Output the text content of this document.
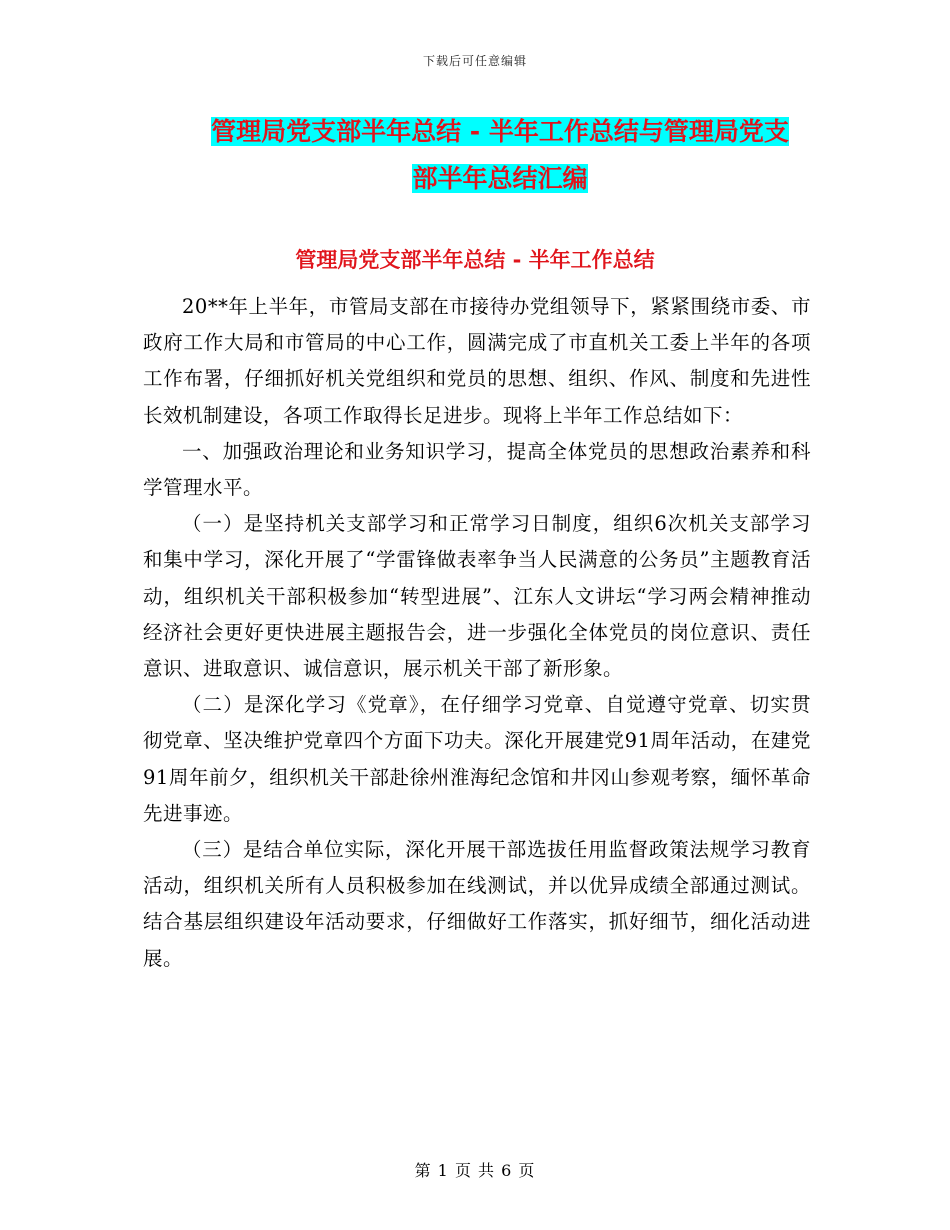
下载后可任意编辑
管理局党支部半年总结 - 半年工作总结与管理局党支
部半年总结汇编
管理局党支部半年总结 - 半年工作总结

20**年上半年，市管局支部在市接待办党组领导下，紧紧围绕市委、市政府工作大局和市管局的中心工作，圆满完成了市直机关工委上半年的各项工作布署，仔细抓好机关党组织和党员的思想、组织、作风、制度和先进性长效机制建设，各项工作取得长足进步。现将上半年工作总结如下：

一、加强政治理论和业务知识学习，提高全体党员的思想政治素养和科学管理水平。

（一）是坚持机关支部学习和正常学习日制度，组织6次机关支部学习和集中学习，深化开展了“学雷锋做表率争当人民满意的公务员”主题教育活动，组织机关干部积极参加“转型进展”、江东人文讲坛“学习两会精神推动经济社会更好更快进展主题报告会，进一步强化全体党员的岗位意识、责任意识、进取意识、诚信意识，展示机关干部了新形象。

（二）是深化学习《党章》，在仔细学习党章、自觉遵守党章、切实贯彻党章、坚决维护党章四个方面下功夫。深化开展建党91周年活动，在建党91周年前夕，组织机关干部赴徐州淮海纪念馆和井冈山参观考察，缅怀革命先进事迹。

（三）是结合单位实际，深化开展干部选拔任用监督政策法规学习教育活动，组织机关所有人员积极参加在线测试，并以优异成绩全部通过测试。结合基层组织建设年活动要求，仔细做好工作落实，抓好细节，细化活动进展。

第 1 页 共 6 页
